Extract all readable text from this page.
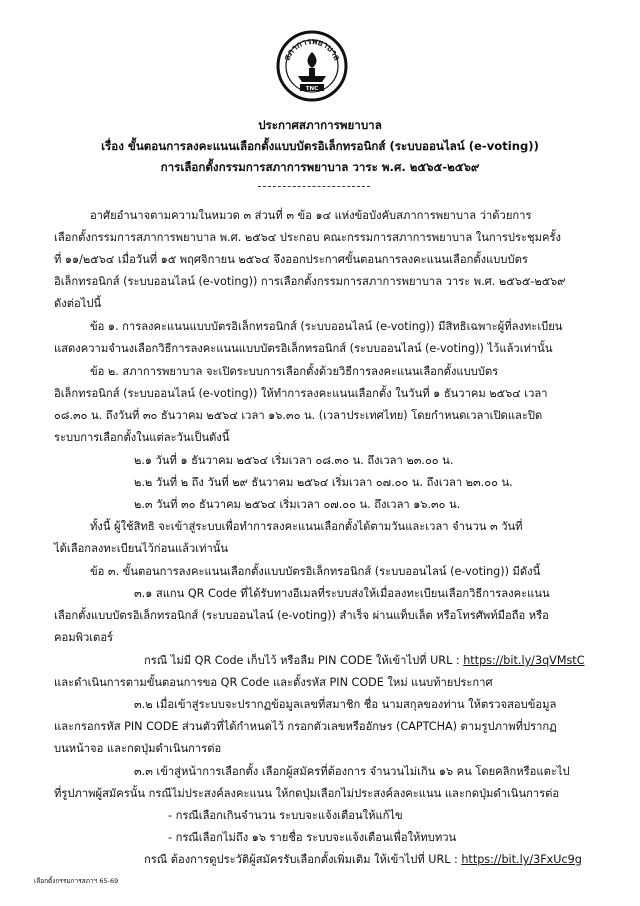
สภาการพยาบาล
TNC
ประกาศสภาการพยาบาล
เรื่อง ขั้นตอนการลงคะแนนเลือกตั้งแบบบัตรอิเล็กทรอนิกส์ (ระบบออนไลน์ (e-voting))
การเลือกตั้งกรรมการสภาการพยาบาล วาระ พ.ศ. ๒๕๖๕-๒๕๖๙
อาศัยอำนาจตามความในหมวด ๓ ส่วนที่ ๓ ข้อ ๑๔ แห่งข้อบังคับสภาการพยาบาล ว่าด้วยการ
เลือกตั้งกรรมการสภาการพยาบาล พ.ศ. ๒๕๖๔ ประกอบ คณะกรรมการสภาการพยาบาล ในการประชุมครั้ง
ที่ ๑๑/๒๕๖๔ เมื่อวันที่ ๑๕ พฤศจิกายน ๒๕๖๔ จึงออกประกาศขั้นตอนการลงคะแนนเลือกตั้งแบบบัตร
อิเล็กทรอนิกส์ (ระบบออนไลน์ (e-voting)) การเลือกตั้งกรรมการสภาการพยาบาล วาระ พ.ศ. ๒๕๖๕-๒๕๖๙
ดังต่อไปนี้
ข้อ ๑. การลงคะแนนแบบบัตรอิเล็กทรอนิกส์ (ระบบออนไลน์ (e-voting)) มีสิทธิเฉพาะผู้ที่ลงทะเบียน
แสดงความจำนงเลือกวิธีการลงคะแนนแบบบัตรอิเล็กทรอนิกส์ (ระบบออนไลน์ (e-voting)) ไว้แล้วเท่านั้น
ข้อ ๒. สภาการพยาบาล จะเปิดระบบการเลือกตั้งด้วยวิธีการลงคะแนนเลือกตั้งแบบบัตร
อิเล็กทรอนิกส์ (ระบบออนไลน์ (e-voting)) ให้ทำการลงคะแนนเลือกตั้ง ในวันที่ ๑ ธันวาคม ๒๕๖๔ เวลา
๐๘.๓๐ น. ถึงวันที่ ๓๐ ธันวาคม ๒๕๖๔ เวลา ๑๖.๓๐ น. (เวลาประเทศไทย) โดยกำหนดเวลาเปิดและปิด
ระบบการเลือกตั้งในแต่ละวันเป็นดังนี้
๒.๑ วันที่ ๑ ธันวาคม ๒๕๖๔ เริ่มเวลา ๐๘.๓๐ น. ถึงเวลา ๒๓.๐๐ น.
๒.๒ วันที่ ๒ ถึง วันที่ ๒๙ ธันวาคม ๒๕๖๔ เริ่มเวลา ๐๗.๐๐ น. ถึงเวลา ๒๓.๐๐ น.
๒.๓ วันที่ ๓๐ ธันวาคม ๒๕๖๔ เริ่มเวลา ๐๗.๐๐ น. ถึงเวลา ๑๖.๓๐ น.
ทั้งนี้ ผู้ใช้สิทธิ จะเข้าสู่ระบบเพื่อทำการลงคะแนนเลือกตั้งได้ตามวันและเวลา จำนวน ๓ วันที่
ได้เลือกลงทะเบียนไว้ก่อนแล้วเท่านั้น
ข้อ ๓. ขั้นตอนการลงคะแนนเลือกตั้งแบบบัตรอิเล็กทรอนิกส์ (ระบบออนไลน์ (e-voting)) มีดังนี้
๓.๑ สแกน QR Code ที่ได้รับทางอีเมลที่ระบบส่งให้เมื่อลงทะเบียนเลือกวิธีการลงคะแนน
เลือกตั้งแบบบัตรอิเล็กทรอนิกส์ (ระบบออนไลน์ (e-voting)) สำเร็จ ผ่านแท็บเล็ต หรือโทรศัพท์มือถือ หรือ
คอมพิวเตอร์
กรณี ไม่มี QR Code เก็บไว้ หรือลืม PIN CODE ให้เข้าไปที่ URL : https://bit.ly/3qVMstC
และดำเนินการตามขั้นตอนการขอ QR Code และตั้งรหัส PIN CODE ใหม่ แนบท้ายประกาศ
๓.๒ เมื่อเข้าสู่ระบบจะปรากฏข้อมูลเลขที่สมาชิก ชื่อ นามสกุลของท่าน ให้ตรวจสอบข้อมูล
และกรอกรหัส PIN CODE ส่วนตัวที่ได้กำหนดไว้ กรอกตัวเลขหรืออักษร (CAPTCHA) ตามรูปภาพที่ปรากฏ
บนหน้าจอ และกดปุ่มดำเนินการต่อ
๓.๓ เข้าสู่หน้าการเลือกตั้ง เลือกผู้สมัครที่ต้องการ จำนวนไม่เกิน ๑๖ คน โดยคลิกหรือแตะไป
ที่รูปภาพผู้สมัครนั้น กรณีไม่ประสงค์ลงคะแนน ให้กดปุ่มเลือกไม่ประสงค์ลงคะแนน และกดปุ่มดำเนินการต่อ
- กรณีเลือกเกินจำนวน ระบบจะแจ้งเตือนให้แก้ไข
- กรณีเลือกไม่ถึง ๑๖ รายชื่อ ระบบจะแจ้งเตือนเพื่อให้ทบทวน
กรณี ต้องการดูประวัติผู้สมัครรับเลือกตั้งเพิ่มเติม ให้เข้าไปที่ URL : https://bit.ly/3FxUc9g
เลือกตั้งกรรมการสภาฯ 65-69
